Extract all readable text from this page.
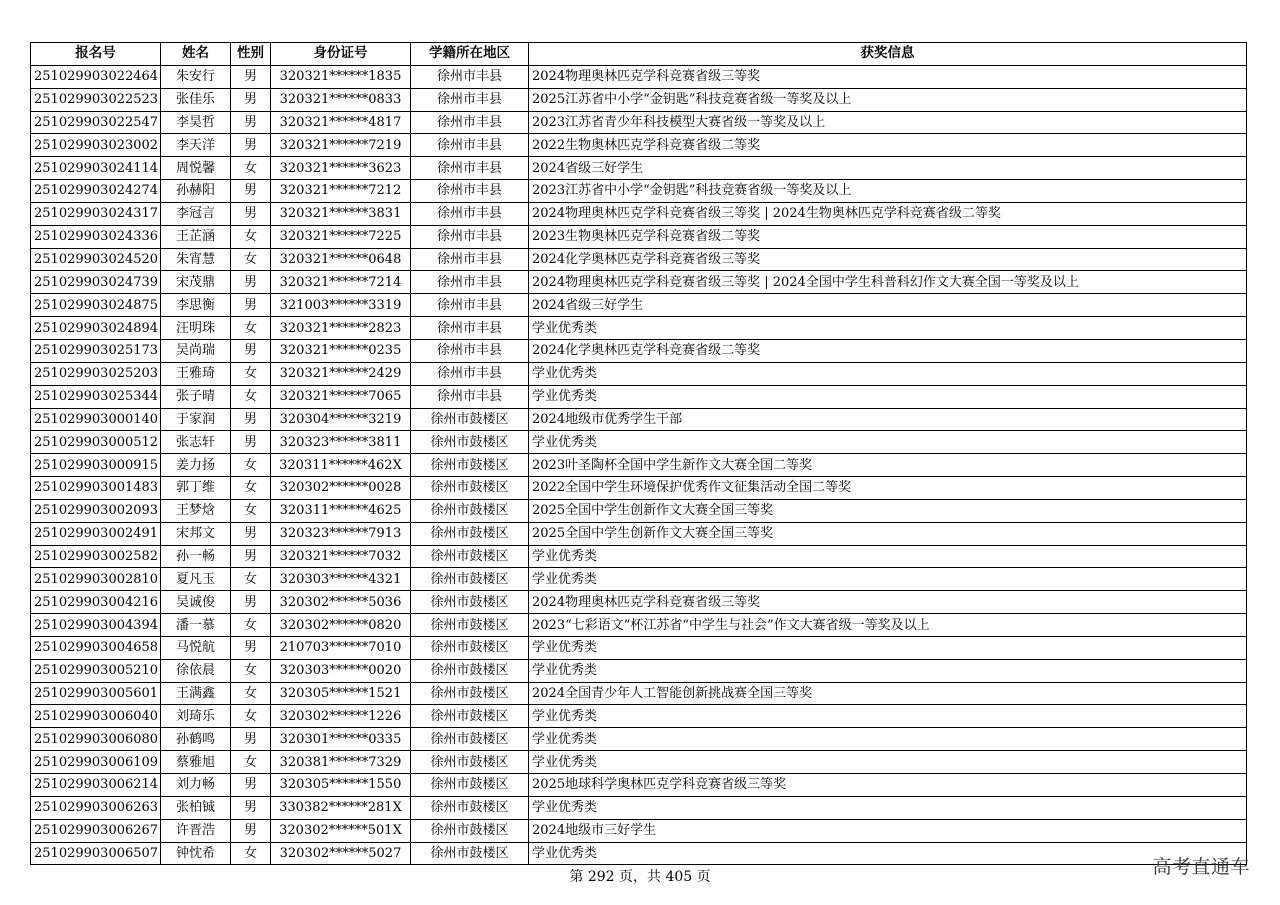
报名号	姓名	性别	身份证号	学籍所在地区	获奖信息
251029903022464	朱安行	男	320321******1835	徐州市丰县	2024物理奥林匹克学科竞赛省级三等奖
251029903022523	张佳乐	男	320321******0833	徐州市丰县	2025江苏省中小学“金钥匙”科技竞赛省级一等奖及以上
251029903022547	李昊哲	男	320321******4817	徐州市丰县	2023江苏省青少年科技模型大赛省级一等奖及以上
251029903023002	李天洋	男	320321******7219	徐州市丰县	2022生物奥林匹克学科竞赛省级二等奖
251029903024114	周悦馨	女	320321******3623	徐州市丰县	2024省级三好学生
251029903024274	孙赫阳	男	320321******7212	徐州市丰县	2023江苏省中小学“金钥匙”科技竞赛省级一等奖及以上
251029903024317	李冠言	男	320321******3831	徐州市丰县	2024物理奥林匹克学科竞赛省级三等奖 | 2024生物奥林匹克学科竞赛省级二等奖
251029903024336	王芷涵	女	320321******7225	徐州市丰县	2023生物奥林匹克学科竞赛省级二等奖
251029903024520	朱宵慧	女	320321******0648	徐州市丰县	2024化学奥林匹克学科竞赛省级三等奖
251029903024739	宋茂鼎	男	320321******7214	徐州市丰县	2024物理奥林匹克学科竞赛省级三等奖 | 2024全国中学生科普科幻作文大赛全国一等奖及以上
251029903024875	李思衡	男	321003******3319	徐州市丰县	2024省级三好学生
251029903024894	汪明珠	女	320321******2823	徐州市丰县	学业优秀类
251029903025173	吴尚瑞	男	320321******0235	徐州市丰县	2024化学奥林匹克学科竞赛省级二等奖
251029903025203	王雅琦	女	320321******2429	徐州市丰县	学业优秀类
251029903025344	张子晴	女	320321******7065	徐州市丰县	学业优秀类
251029903000140	于家润	男	320304******3219	徐州市鼓楼区	2024地级市优秀学生干部
251029903000512	张志轩	男	320323******3811	徐州市鼓楼区	学业优秀类
251029903000915	姜力扬	女	320311******462X	徐州市鼓楼区	2023叶圣陶杯全国中学生新作文大赛全国二等奖
251029903001483	郭丁维	女	320302******0028	徐州市鼓楼区	2022全国中学生环境保护优秀作文征集活动全国二等奖
251029903002093	王梦焓	女	320311******4625	徐州市鼓楼区	2025全国中学生创新作文大赛全国三等奖
251029903002491	宋邦文	男	320323******7913	徐州市鼓楼区	2025全国中学生创新作文大赛全国三等奖
251029903002582	孙一畅	男	320321******7032	徐州市鼓楼区	学业优秀类
251029903002810	夏凡玉	女	320303******4321	徐州市鼓楼区	学业优秀类
251029903004216	吴诚俊	男	320302******5036	徐州市鼓楼区	2024物理奥林匹克学科竞赛省级三等奖
251029903004394	潘一慕	女	320302******0820	徐州市鼓楼区	2023“七彩语文”杯江苏省“中学生与社会”作文大赛省级一等奖及以上
251029903004658	马悦航	男	210703******7010	徐州市鼓楼区	学业优秀类
251029903005210	徐依晨	女	320303******0020	徐州市鼓楼区	学业优秀类
251029903005601	王满鑫	女	320305******1521	徐州市鼓楼区	2024全国青少年人工智能创新挑战赛全国三等奖
251029903006040	刘琦乐	女	320302******1226	徐州市鼓楼区	学业优秀类
251029903006080	孙鹤鸣	男	320301******0335	徐州市鼓楼区	学业优秀类
251029903006109	蔡雅旭	女	320381******7329	徐州市鼓楼区	学业优秀类
251029903006214	刘力畅	男	320305******1550	徐州市鼓楼区	2025地球科学奥林匹克学科竞赛省级三等奖
251029903006263	张柏铖	男	330382******281X	徐州市鼓楼区	学业优秀类
251029903006267	许晋浩	男	320302******501X	徐州市鼓楼区	2024地级市三好学生
251029903006507	钟忱希	女	320302******5027	徐州市鼓楼区	学业优秀类
第 292 页，共 405 页	高考直通车
